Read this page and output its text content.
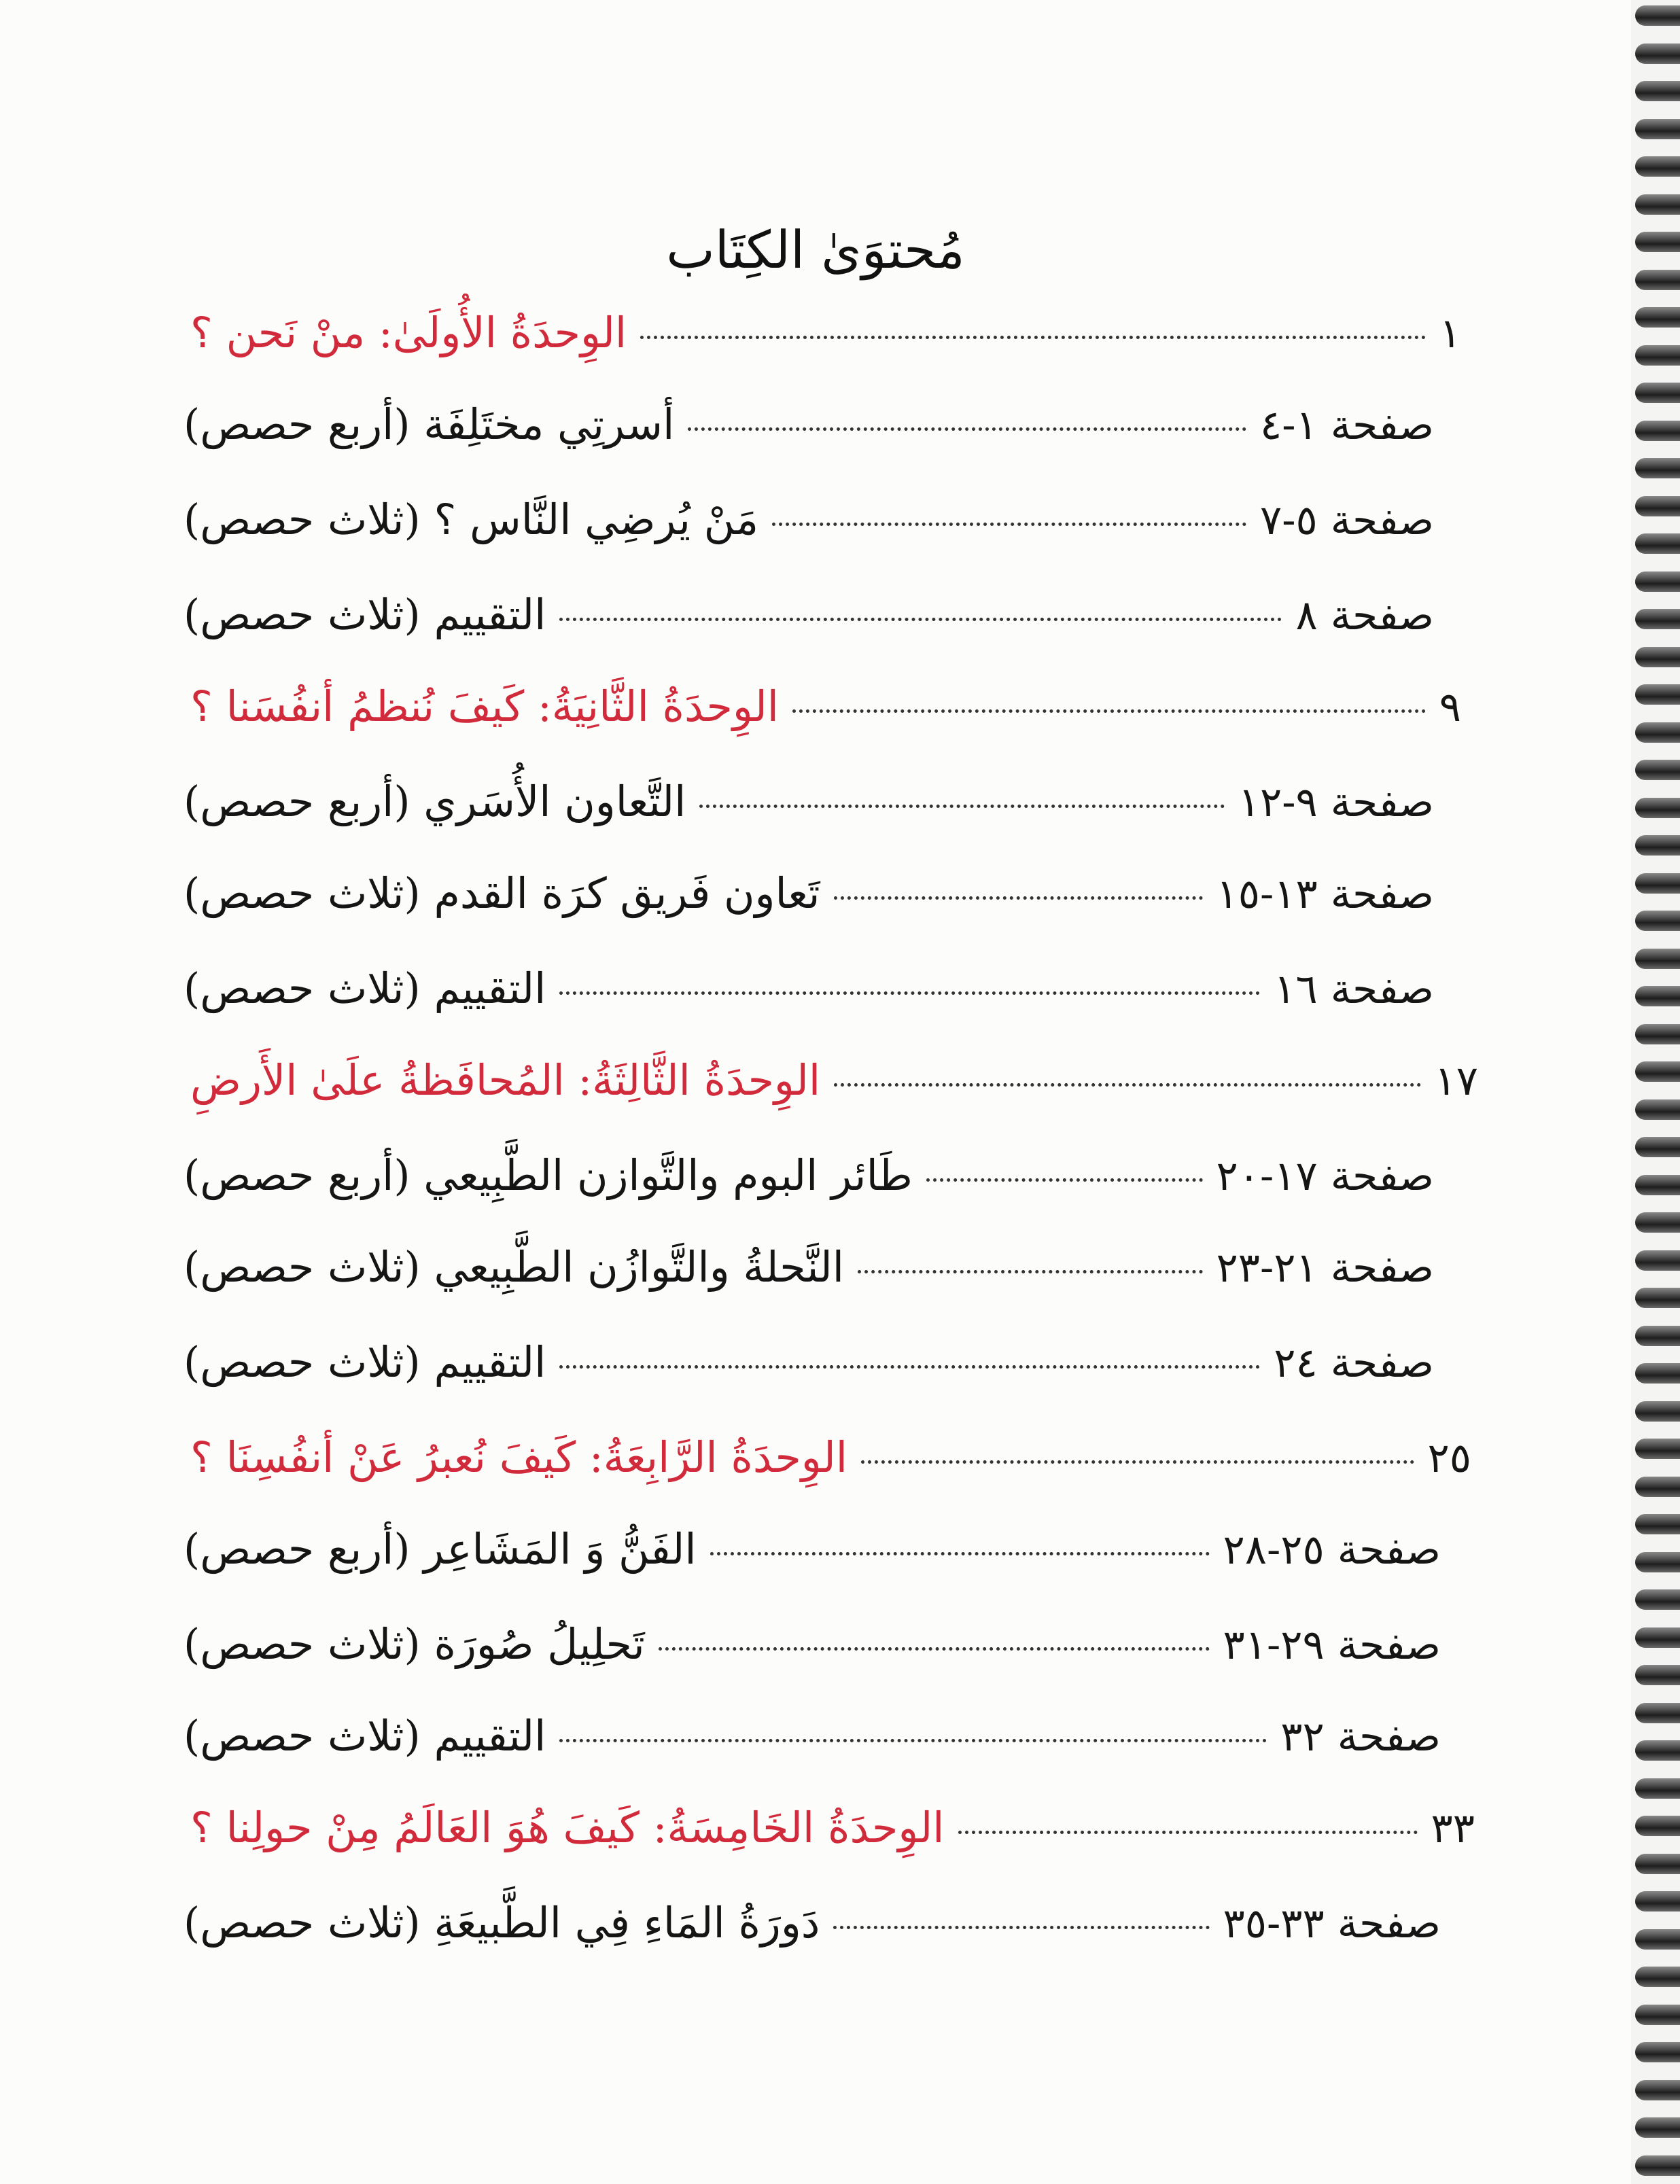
مُحتوَىٰ الكِتَاب
الوِحدَةُ الأُولَىٰ: منْ نَحن ؟	١
أسرتِي مختَلِفَة (أربع حصص)	صفحة ١-٤
مَنْ يُرضِي النَّاس ؟ (ثلاث حصص)	صفحة ٥-٧
التقييم (ثلاث حصص)	صفحة ٨
الوِحدَةُ الثَّانِيَةُ: كَيفَ نُنظمُ أنفُسَنا ؟	٩
التَّعاون الأُسَري (أربع حصص)	صفحة ٩-١٢
تَعاون فَريق كرَة القدم (ثلاث حصص)	صفحة ١٣-١٥
التقييم (ثلاث حصص)	صفحة ١٦
الوِحدَةُ الثَّالِثَةُ: المُحافَظةُ علَىٰ الأَرضِ	١٧
طَائر البوم والتَّوازن الطَّبِيعي (أربع حصص)	صفحة ١٧-٢٠
النَّحلةُ والتَّوازُن الطَّبِيعي (ثلاث حصص)	صفحة ٢١-٢٣
التقييم (ثلاث حصص)	صفحة ٢٤
الوِحدَةُ الرَّابِعَةُ: كَيفَ نُعبرُ عَنْ أنفُسِنَا ؟	٢٥
الفَنُّ وَ المَشَاعِر (أربع حصص)	صفحة ٢٥-٢٨
تَحلِيلُ صُورَة (ثلاث حصص)	صفحة ٢٩-٣١
التقييم (ثلاث حصص)	صفحة ٣٢
الوِحدَةُ الخَامِسَةُ: كَيفَ هُوَ العَالَمُ مِنْ حولِنا ؟	٣٣
دَورَةُ المَاءِ فِي الطَّبيعَةِ (ثلاث حصص)	صفحة ٣٣-٣٥
